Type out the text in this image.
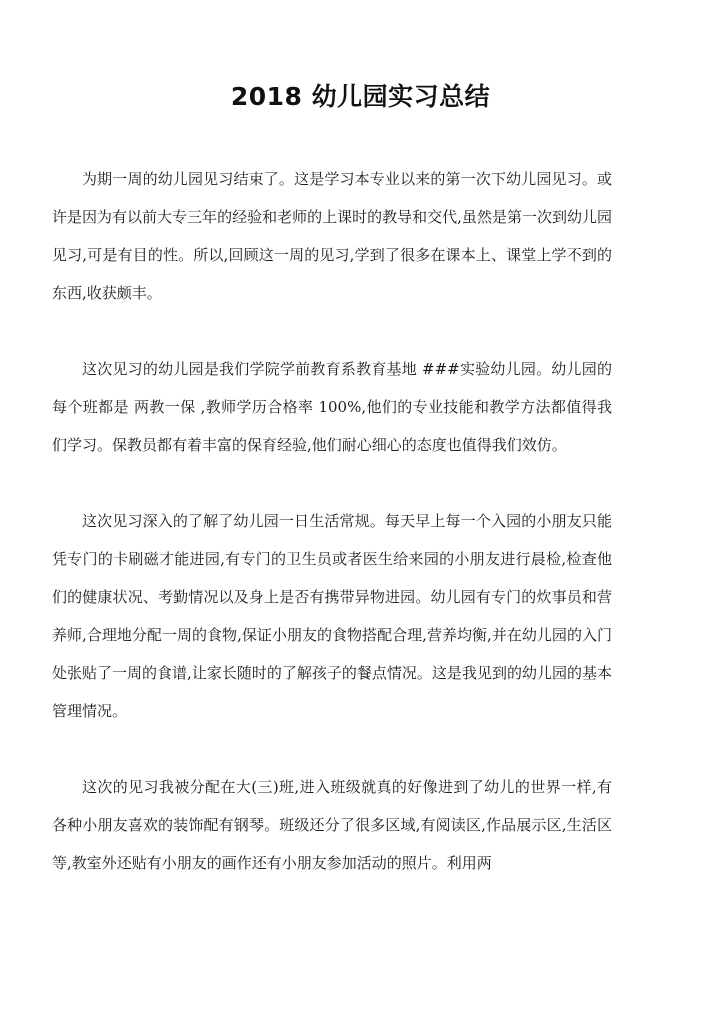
2018 幼儿园实习总结

为期一周的幼儿园见习结束了。这是学习本专业以来的第一次下幼儿园见习。或许是因为有以前大专三年的经验和老师的上课时的教导和交代,虽然是第一次到幼儿园见习,可是有目的性。所以,回顾这一周的见习,学到了很多在课本上、课堂上学不到的东西,收获颇丰。

这次见习的幼儿园是我们学院学前教育系教育基地 ###实验幼儿园。幼儿园的每个班都是 两教一保 ,教师学历合格率 100%,他们的专业技能和教学方法都值得我们学习。保教员都有着丰富的保育经验,他们耐心细心的态度也值得我们效仿。

这次见习深入的了解了幼儿园一日生活常规。每天早上每一个入园的小朋友只能凭专门的卡刷磁才能进园,有专门的卫生员或者医生给来园的小朋友进行晨检,检查他们的健康状况、考勤情况以及身上是否有携带异物进园。幼儿园有专门的炊事员和营养师,合理地分配一周的食物,保证小朋友的食物搭配合理,营养均衡,并在幼儿园的入门处张贴了一周的食谱,让家长随时的了解孩子的餐点情况。这是我见到的幼儿园的基本管理情况。

这次的见习我被分配在大(三)班,进入班级就真的好像进到了幼儿的世界一样,有各种小朋友喜欢的装饰配有钢琴。班级还分了很多区域,有阅读区,作品展示区,生活区等,教室外还贴有小朋友的画作还有小朋友参加活动的照片。利用两
